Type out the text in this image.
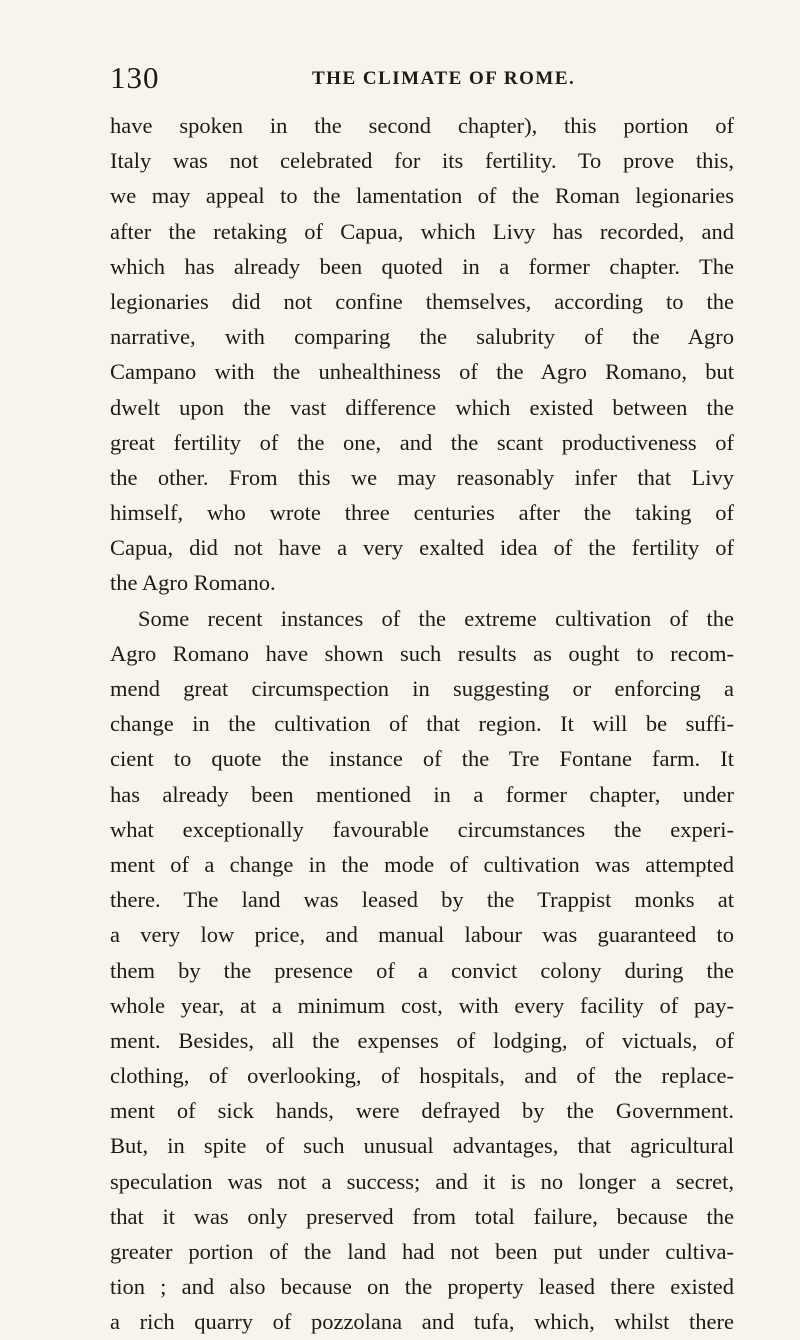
130	THE CLIMATE OF ROME.
have spoken in the second chapter), this portion of
Italy was not celebrated for its fertility. To prove this,
we may appeal to the lamentation of the Roman legionaries
after the retaking of Capua, which Livy has recorded, and
which has already been quoted in a former chapter. The
legionaries did not confine themselves, according to the
narrative, with comparing the salubrity of the Agro
Campano with the unhealthiness of the Agro Romano, but
dwelt upon the vast difference which existed between the
great fertility of the one, and the scant productiveness of
the other. From this we may reasonably infer that Livy
himself, who wrote three centuries after the taking of
Capua, did not have a very exalted idea of the fertility of
the Agro Romano.
Some recent instances of the extreme cultivation of the
Agro Romano have shown such results as ought to recom-
mend great circumspection in suggesting or enforcing a
change in the cultivation of that region. It will be suffi-
cient to quote the instance of the Tre Fontane farm. It
has already been mentioned in a former chapter, under
what exceptionally favourable circumstances the experi-
ment of a change in the mode of cultivation was attempted
there. The land was leased by the Trappist monks at
a very low price, and manual labour was guaranteed to
them by the presence of a convict colony during the
whole year, at a minimum cost, with every facility of pay-
ment. Besides, all the expenses of lodging, of victuals, of
clothing, of overlooking, of hospitals, and of the replace-
ment of sick hands, were defrayed by the Government.
But, in spite of such unusual advantages, that agricultural
speculation was not a success; and it is no longer a secret,
that it was only preserved from total failure, because the
greater portion of the land had not been put under cultiva-
tion ; and also because on the property leased there existed
a rich quarry of pozzolana and tufa, which, whilst there
